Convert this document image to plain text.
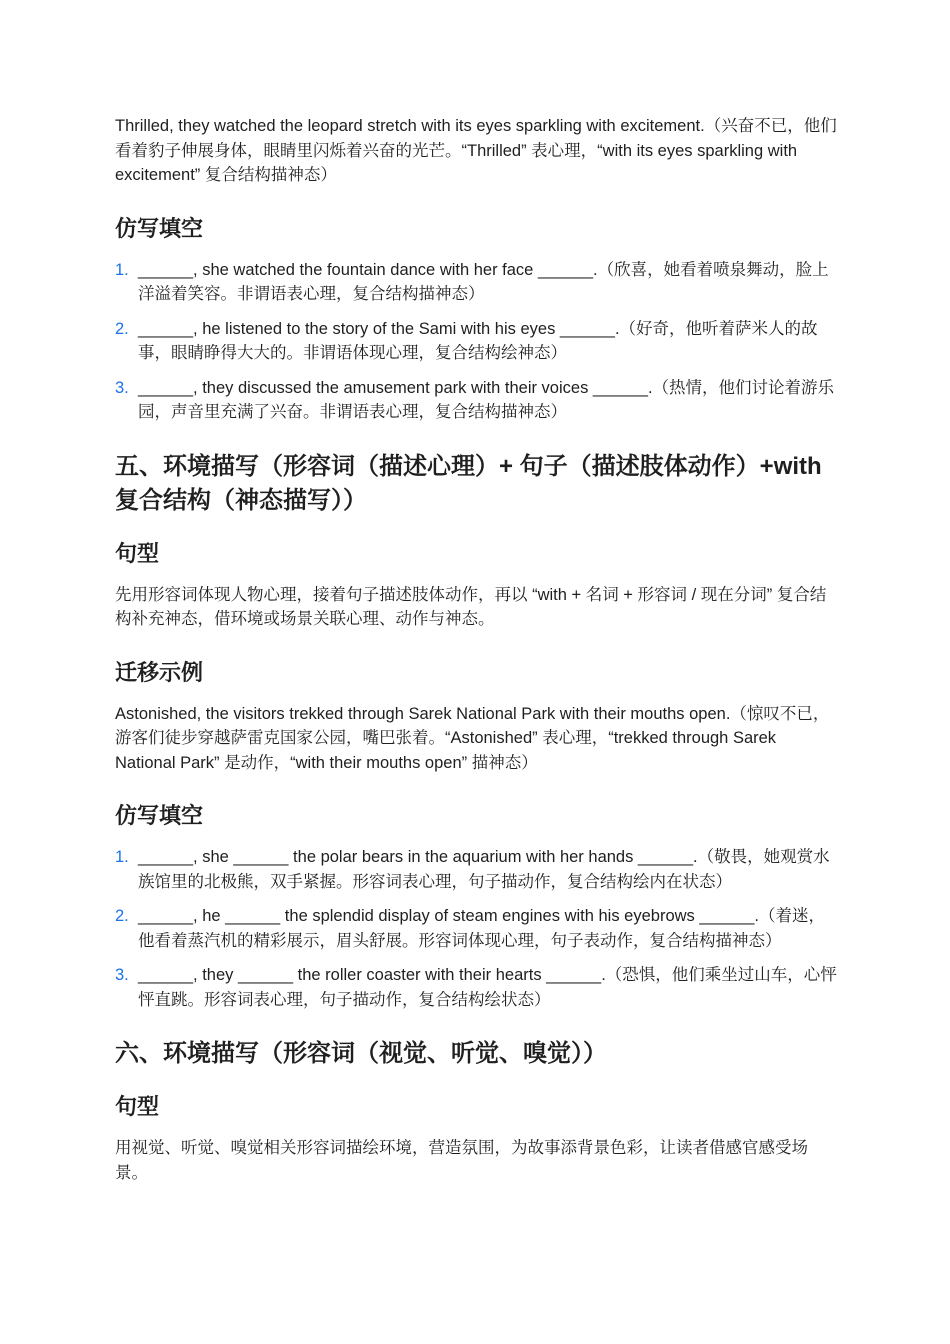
Thrilled, they watched the leopard stretch with its eyes sparkling with excitement.（兴奋不已，他们看着豹子伸展身体，眼睛里闪烁着兴奋的光芒。“Thrilled” 表心理，“with its eyes sparkling with excitement” 复合结构描神态）

仿写填空
1. ______, she watched the fountain dance with her face ______.（欣喜，她看着喷泉舞动，脸上洋溢着笑容。非谓语表心理，复合结构描神态）
2. ______, he listened to the story of the Sami with his eyes ______.（好奇，他听着萨米人的故事，眼睛睁得大大的。非谓语体现心理，复合结构绘神态）
3. ______, they discussed the amusement park with their voices ______.（热情，他们讨论着游乐园，声音里充满了兴奋。非谓语表心理，复合结构描神态）
五、环境描写（形容词（描述心理）+ 句子（描述肢体动作）+with 复合结构（神态描写））
句型

先用形容词体现人物心理，接着句子描述肢体动作，再以 “with + 名词 + 形容词 / 现在分词” 复合结构补充神态，借环境或场景关联心理、动作与神态。

迁移示例

Astonished, the visitors trekked through Sarek National Park with their mouths open.（惊叹不已，游客们徒步穿越萨雷克国家公园，嘴巴张着。“Astonished” 表心理，“trekked through Sarek National Park” 是动作，“with their mouths open” 描神态）

仿写填空
1. ______, she ______ the polar bears in the aquarium with her hands ______.（敬畏，她观赏水族馆里的北极熊，双手紧握。形容词表心理，句子描动作，复合结构绘内在状态）
2. ______, he ______ the splendid display of steam engines with his eyebrows ______.（着迷，他看着蒸汽机的精彩展示，眉头舒展。形容词体现心理，句子表动作，复合结构描神态）
3. ______, they ______ the roller coaster with their hearts ______.（恐惧，他们乘坐过山车，心怦怦直跳。形容词表心理，句子描动作，复合结构绘状态）
六、环境描写（形容词（视觉、听觉、嗅觉））
句型

用视觉、听觉、嗅觉相关形容词描绘环境，营造氛围，为故事添背景色彩，让读者借感官感受场景。
